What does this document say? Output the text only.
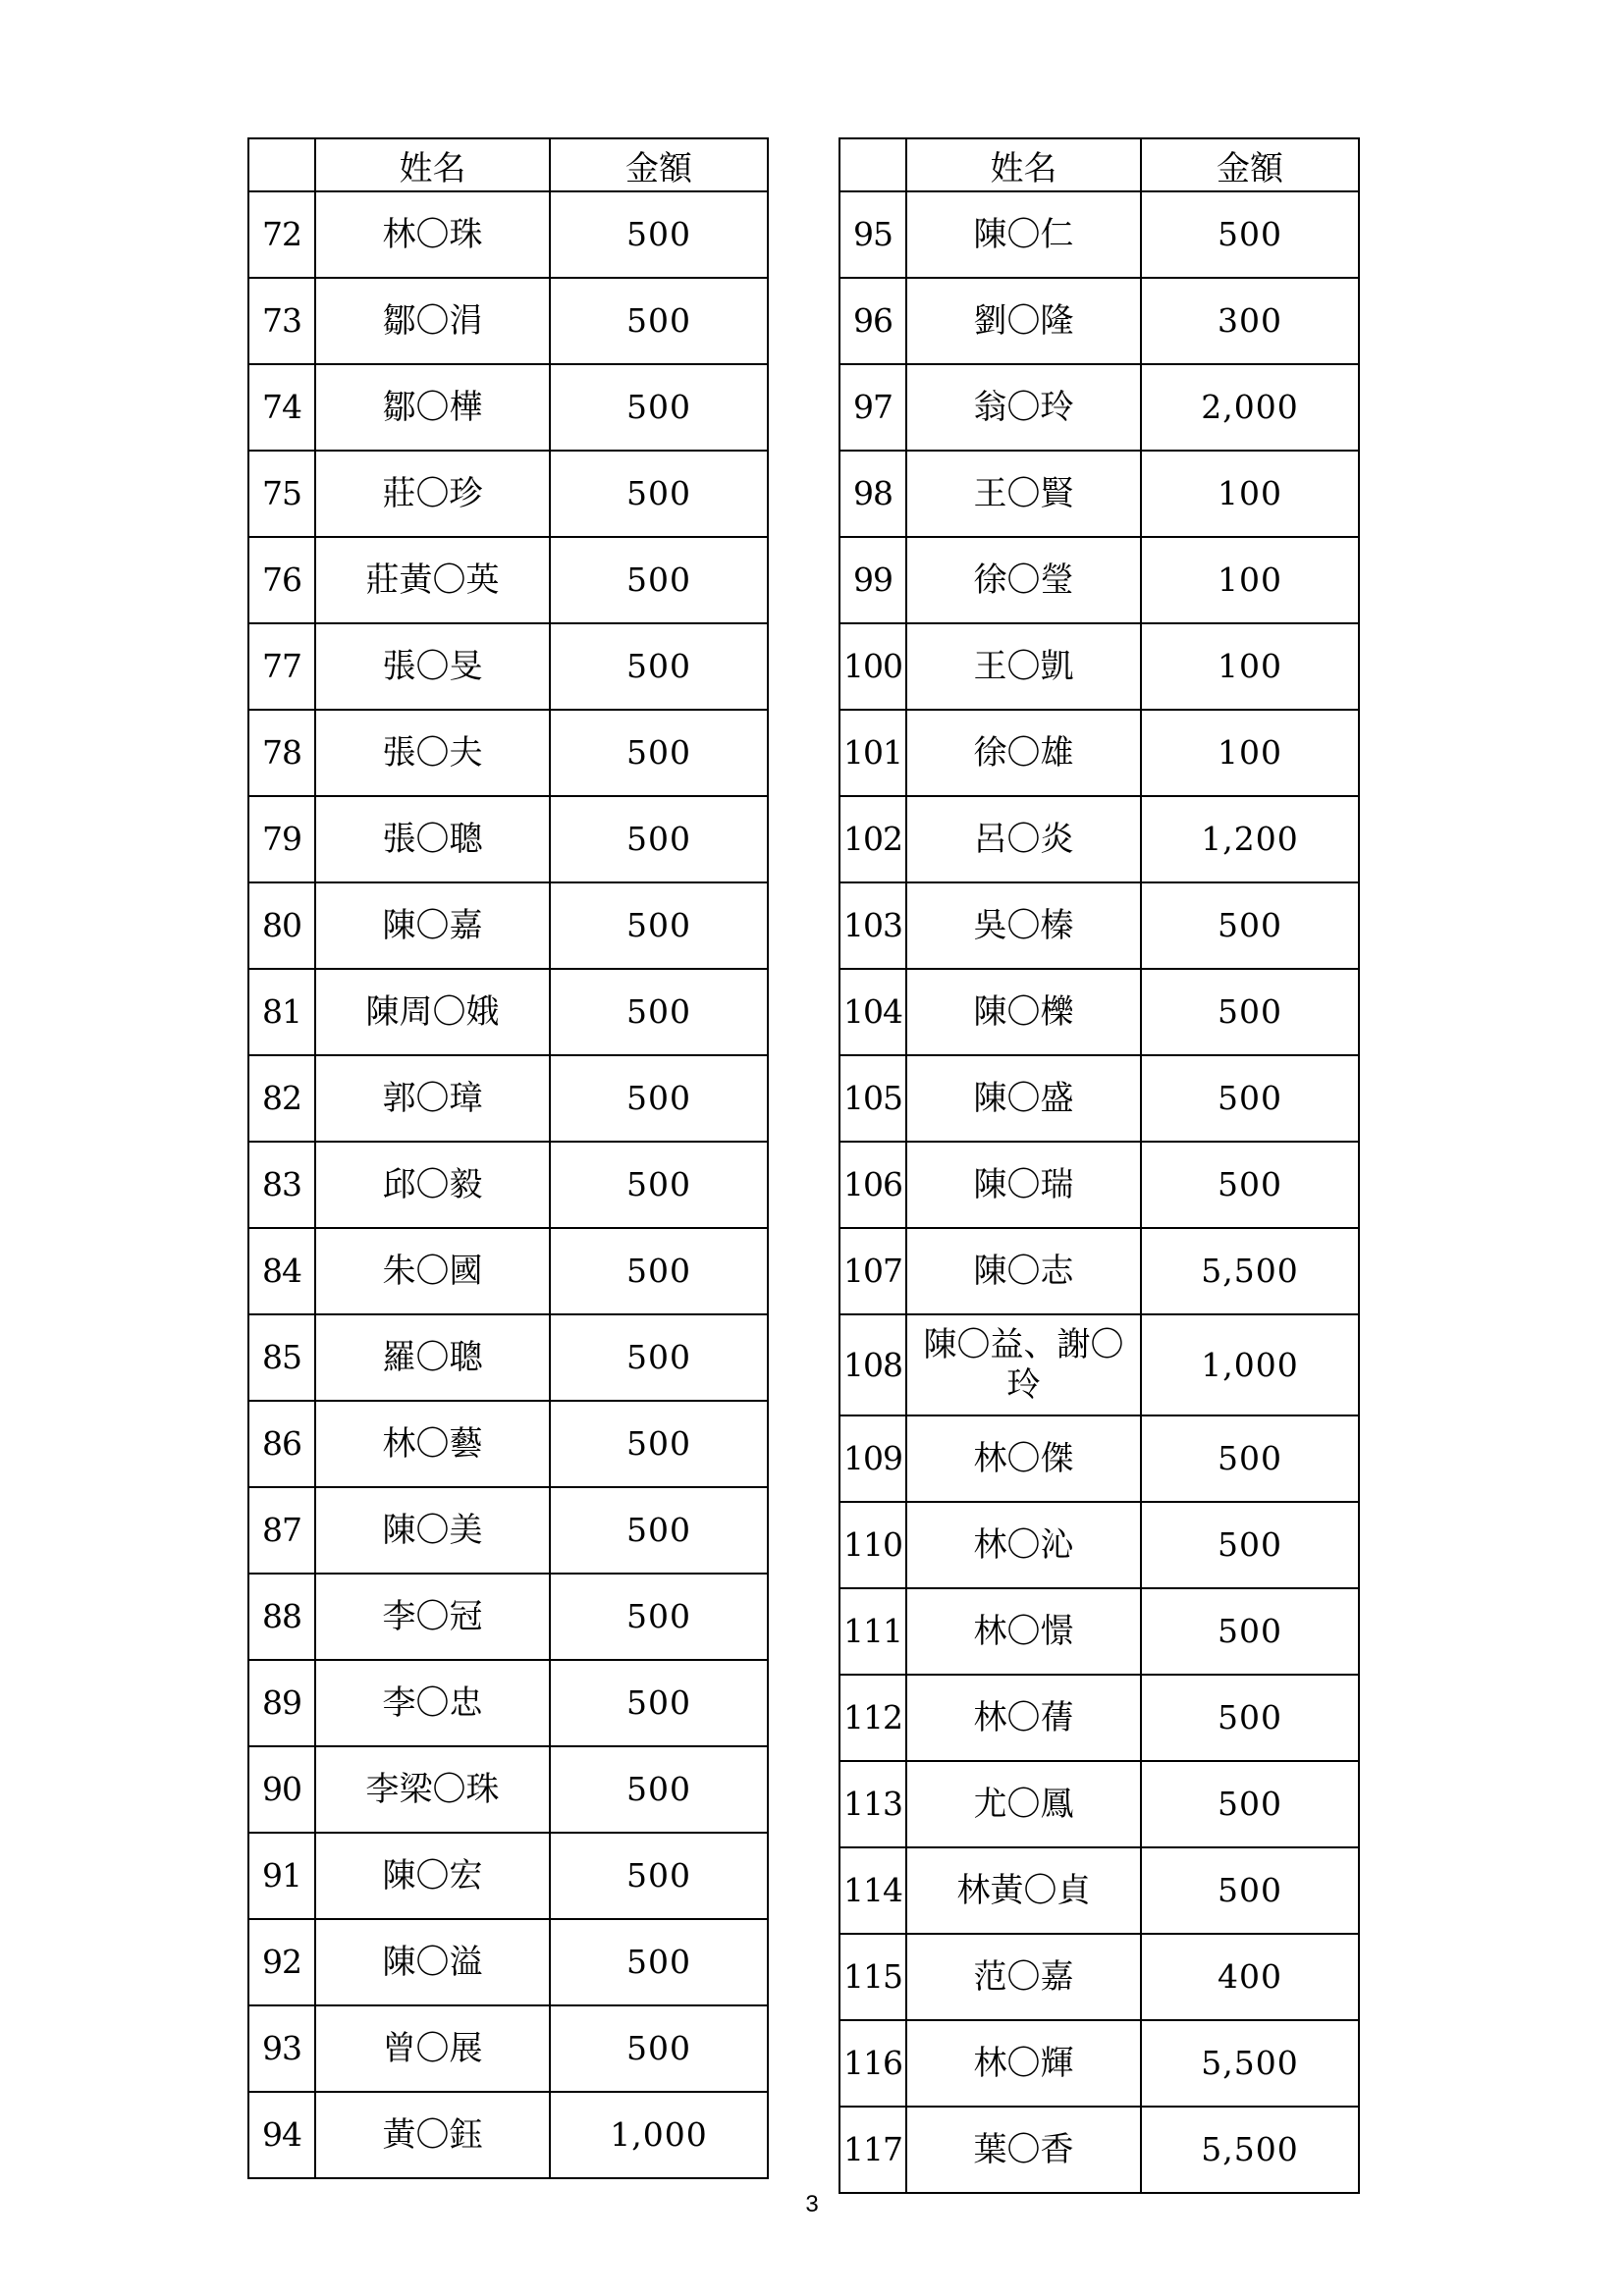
	姓名	金額
72	林〇珠	500
73	鄒〇涓	500
74	鄒〇樺	500
75	莊〇珍	500
76	莊黃〇英	500
77	張〇旻	500
78	張〇夫	500
79	張〇聰	500
80	陳〇嘉	500
81	陳周〇娥	500
82	郭〇璋	500
83	邱〇毅	500
84	朱〇國	500
85	羅〇聰	500
86	林〇藝	500
87	陳〇美	500
88	李〇冠	500
89	李〇忠	500
90	李梁〇珠	500
91	陳〇宏	500
92	陳〇溢	500
93	曾〇展	500
94	黃〇鈺	1,000
	姓名	金額
95	陳〇仁	500
96	劉〇隆	300
97	翁〇玲	2,000
98	王〇賢	100
99	徐〇瑩	100
100	王〇凱	100
101	徐〇雄	100
102	呂〇炎	1,200
103	吳〇榛	500
104	陳〇櫟	500
105	陳〇盛	500
106	陳〇瑞	500
107	陳〇志	5,500
108	陳〇益、謝〇玲	1,000
109	林〇傑	500
110	林〇沁	500
111	林〇憬	500
112	林〇蒨	500
113	尤〇鳳	500
114	林黃〇貞	500
115	范〇嘉	400
116	林〇輝	5,500
117	葉〇香	5,500
3
